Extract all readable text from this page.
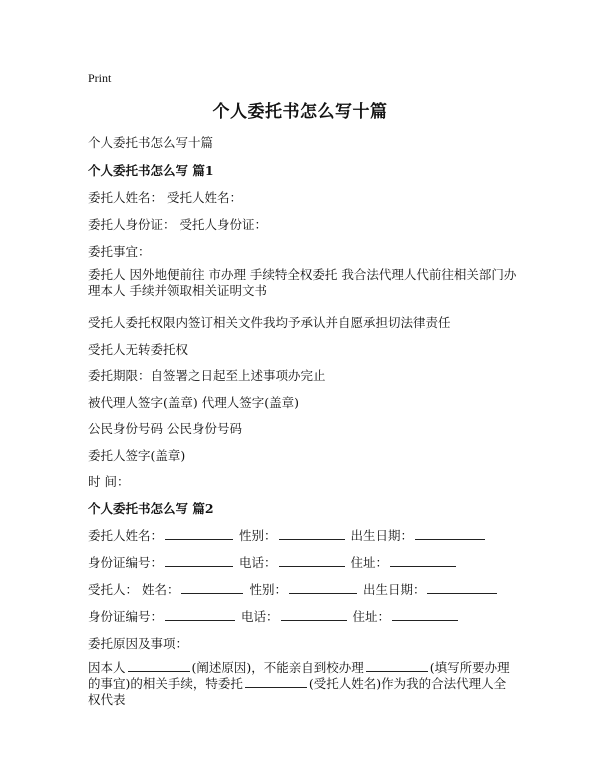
Print
个人委托书怎么写十篇
个人委托书怎么写十篇
个人委托书怎么写 篇1
委托人姓名： 受托人姓名：
委托人身份证： 受托人身份证：
委托事宜：
委托人 因外地便前往 市办理 手续特全权委托 我合法代理人代前往相关部门办理本人 手续并领取相关证明文书
受托人委托权限内签订相关文件我均予承认并自愿承担切法律责任
受托人无转委托权
委托期限：自签署之日起至上述事项办完止
被代理人签字(盖章) 代理人签字(盖章)
公民身份号码 公民身份号码
委托人签字(盖章)
时 间：
个人委托书怎么写 篇2
委托人姓名：	性别：	出生日期：
身份证编号：	电话：	住址：
受托人： 姓名：	性别：	出生日期：
身份证编号：	电话：	住址：
委托原因及事项：
因本人	(阐述原因)，不能亲自到校办理	(填写所要办理的事宜)的相关手续，特委托	(受托人姓名)作为我的合法代理人全权代表
